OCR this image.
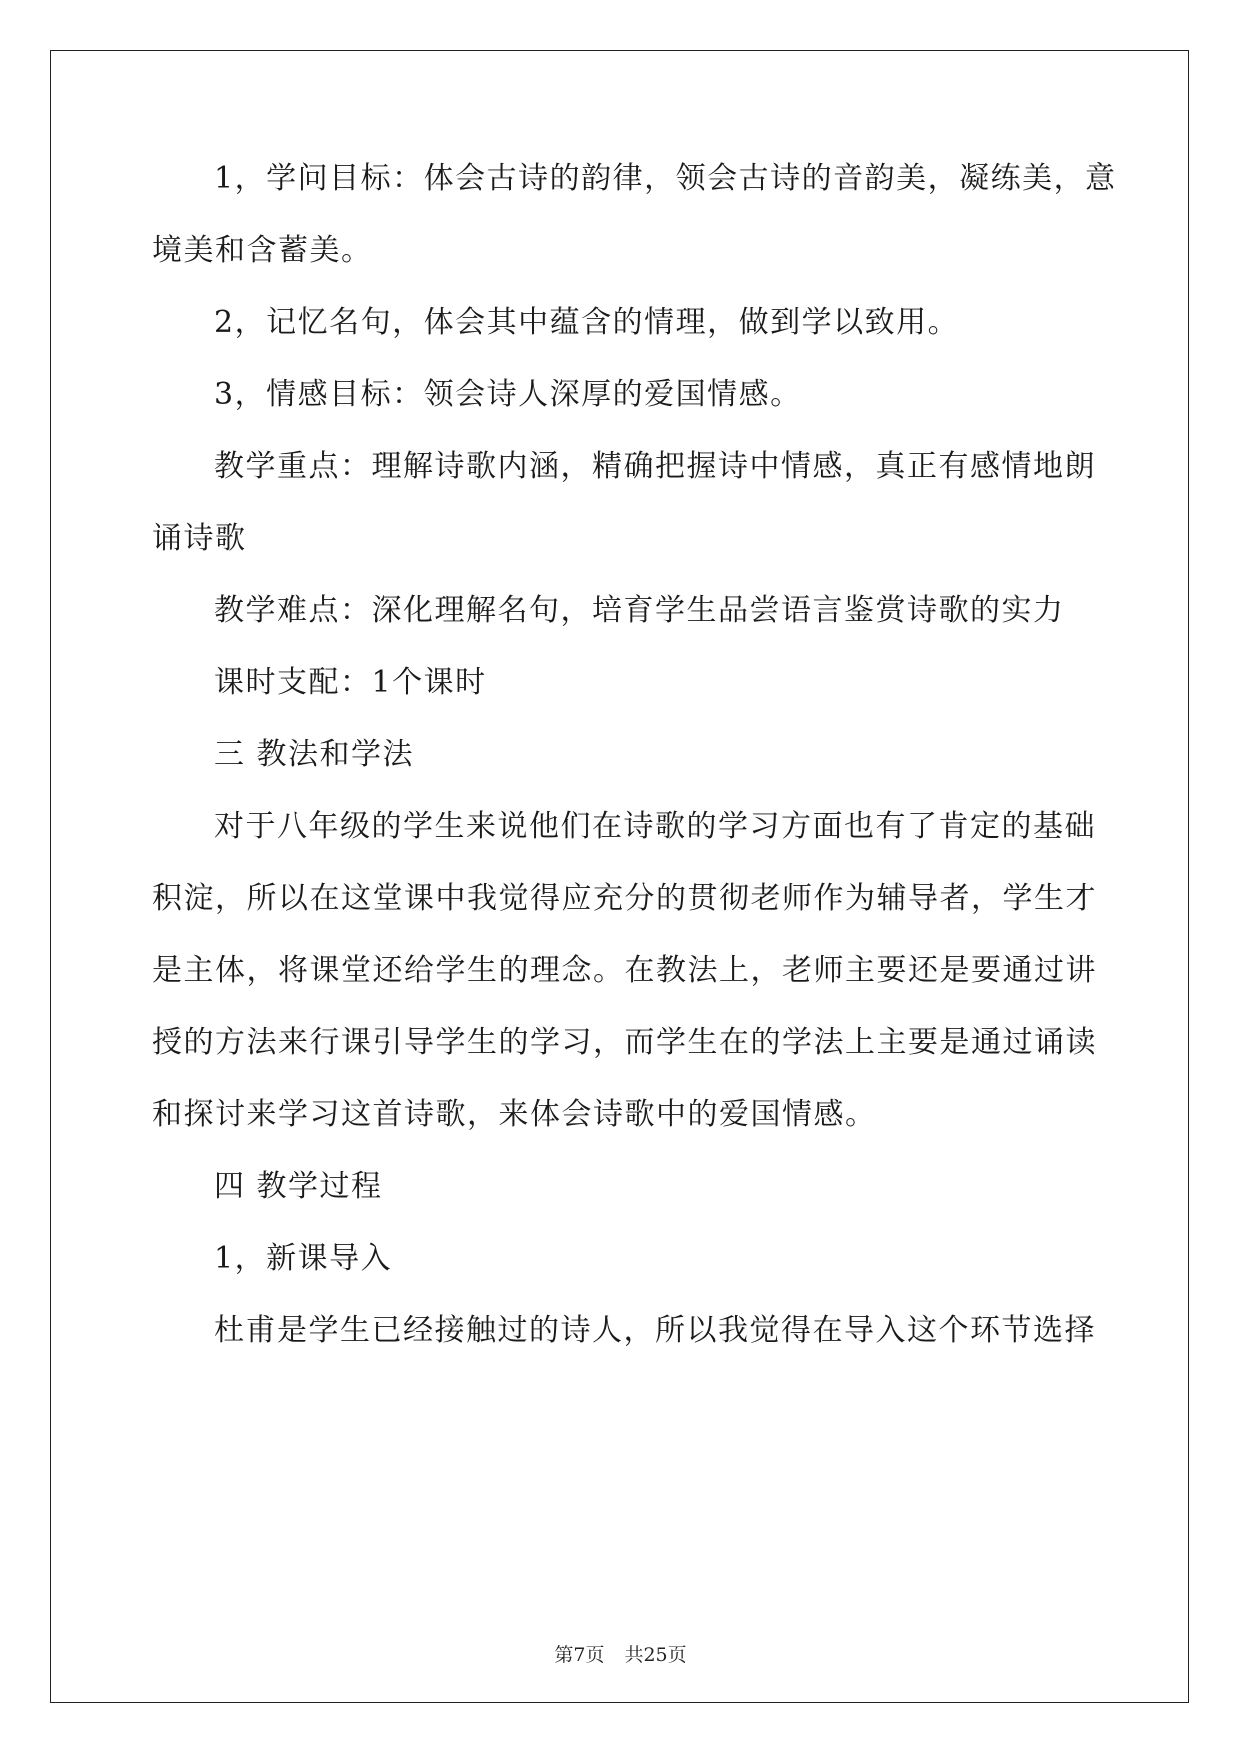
1，学问目标：体会古诗的韵律，领会古诗的音韵美，凝练美，意
境美和含蓄美。
2，记忆名句，体会其中蕴含的情理，做到学以致用。
3，情感目标：领会诗人深厚的爱国情感。
教学重点：理解诗歌内涵，精确把握诗中情感，真正有感情地朗
诵诗歌
教学难点：深化理解名句，培育学生品尝语言鉴赏诗歌的实力
课时支配：1个课时
三 教法和学法
对于八年级的学生来说他们在诗歌的学习方面也有了肯定的基础
积淀，所以在这堂课中我觉得应充分的贯彻老师作为辅导者，学生才
是主体，将课堂还给学生的理念。在教法上，老师主要还是要通过讲
授的方法来行课引导学生的学习，而学生在的学法上主要是通过诵读
和探讨来学习这首诗歌，来体会诗歌中的爱国情感。
四 教学过程
1，新课导入
杜甫是学生已经接触过的诗人，所以我觉得在导入这个环节选择
第7页 共25页
